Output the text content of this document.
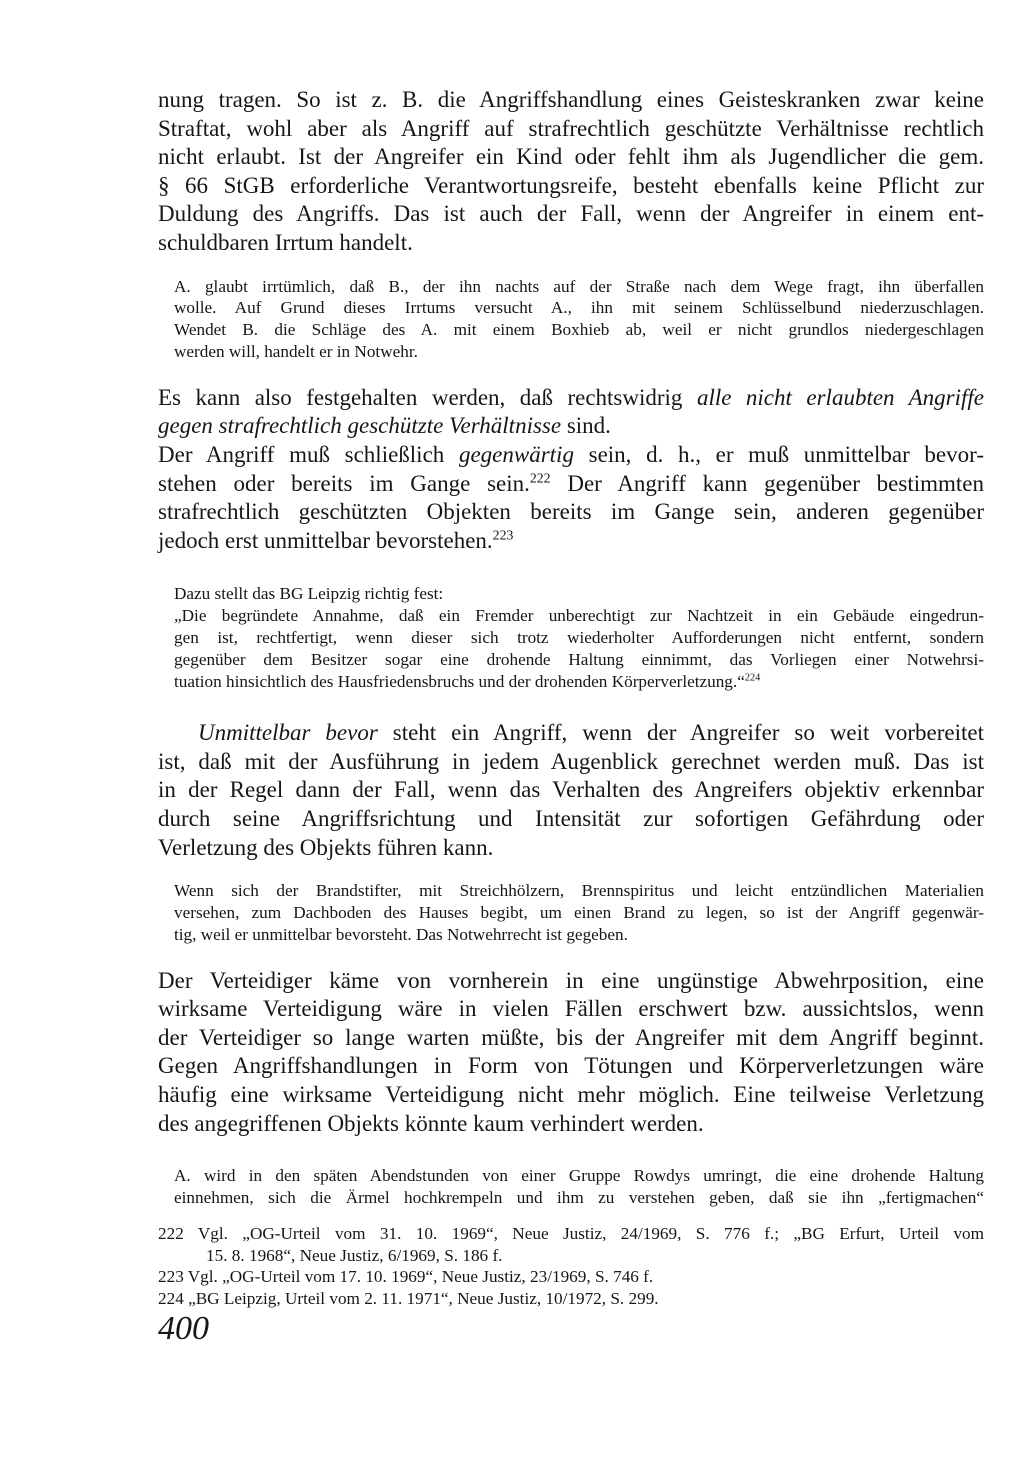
nung tragen. So ist z. B. die Angriffshandlung eines Geisteskranken zwar keine
Straftat, wohl aber als Angriff auf strafrechtlich geschützte Verhältnisse rechtlich
nicht erlaubt. Ist der Angreifer ein Kind oder fehlt ihm als Jugendlicher die gem.
§ 66 StGB erforderliche Verantwortungsreife, besteht ebenfalls keine Pflicht zur
Duldung des Angriffs. Das ist auch der Fall, wenn der Angreifer in einem ent-
schuldbaren Irrtum handelt.
A. glaubt irrtümlich, daß B., der ihn nachts auf der Straße nach dem Wege fragt, ihn überfallen
wolle. Auf Grund dieses Irrtums versucht A., ihn mit seinem Schlüsselbund niederzuschlagen.
Wendet B. die Schläge des A. mit einem Boxhieb ab, weil er nicht grundlos niedergeschlagen
werden will, handelt er in Notwehr.
Es kann also festgehalten werden, daß rechtswidrig alle nicht erlaubten Angriffe
gegen strafrechtlich geschützte Verhältnisse sind.
Der Angriff muß schließlich gegenwärtig sein, d. h., er muß unmittelbar bevor-
stehen oder bereits im Gange sein.$^{222}$ Der Angriff kann gegenüber bestimmten
strafrechtlich geschützten Objekten bereits im Gange sein, anderen gegenüber
jedoch erst unmittelbar bevorstehen.$^{223}$
Dazu stellt das BG Leipzig richtig fest:
„Die begründete Annahme, daß ein Fremder unberechtigt zur Nachtzeit in ein Gebäude eingedrun-
gen ist, rechtfertigt, wenn dieser sich trotz wiederholter Aufforderungen nicht entfernt, sondern
gegenüber dem Besitzer sogar eine drohende Haltung einnimmt, das Vorliegen einer Notwehrsi-
tuation hinsichtlich des Hausfriedensbruchs und der drohenden Körperverletzung.“$^{224}$
Unmittelbar bevor steht ein Angriff, wenn der Angreifer so weit vorbereitet
ist, daß mit der Ausführung in jedem Augenblick gerechnet werden muß. Das ist
in der Regel dann der Fall, wenn das Verhalten des Angreifers objektiv erkennbar
durch seine Angriffsrichtung und Intensität zur sofortigen Gefährdung oder
Verletzung des Objekts führen kann.
Wenn sich der Brandstifter, mit Streichhölzern, Brennspiritus und leicht entzündlichen Materialien
versehen, zum Dachboden des Hauses begibt, um einen Brand zu legen, so ist der Angriff gegenwär-
tig, weil er unmittelbar bevorsteht. Das Notwehrrecht ist gegeben.
Der Verteidiger käme von vornherein in eine ungünstige Abwehrposition, eine
wirksame Verteidigung wäre in vielen Fällen erschwert bzw. aussichtslos, wenn
der Verteidiger so lange warten müßte, bis der Angreifer mit dem Angriff beginnt.
Gegen Angriffshandlungen in Form von Tötungen und Körperverletzungen wäre
häufig eine wirksame Verteidigung nicht mehr möglich. Eine teilweise Verletzung
des angegriffenen Objekts könnte kaum verhindert werden.
A. wird in den späten Abendstunden von einer Gruppe Rowdys umringt, die eine drohende Haltung
einnehmen, sich die Ärmel hochkrempeln und ihm zu verstehen geben, daß sie ihn „fertigmachen“
222 Vgl. „OG-Urteil vom 31. 10. 1969“, Neue Justiz, 24/1969, S. 776 f.; „BG Erfurt, Urteil vom
15. 8. 1968“, Neue Justiz, 6/1969, S. 186 f.
223 Vgl. „OG-Urteil vom 17. 10. 1969“, Neue Justiz, 23/1969, S. 746 f.
224 „BG Leipzig, Urteil vom 2. 11. 1971“, Neue Justiz, 10/1972, S. 299.
400
